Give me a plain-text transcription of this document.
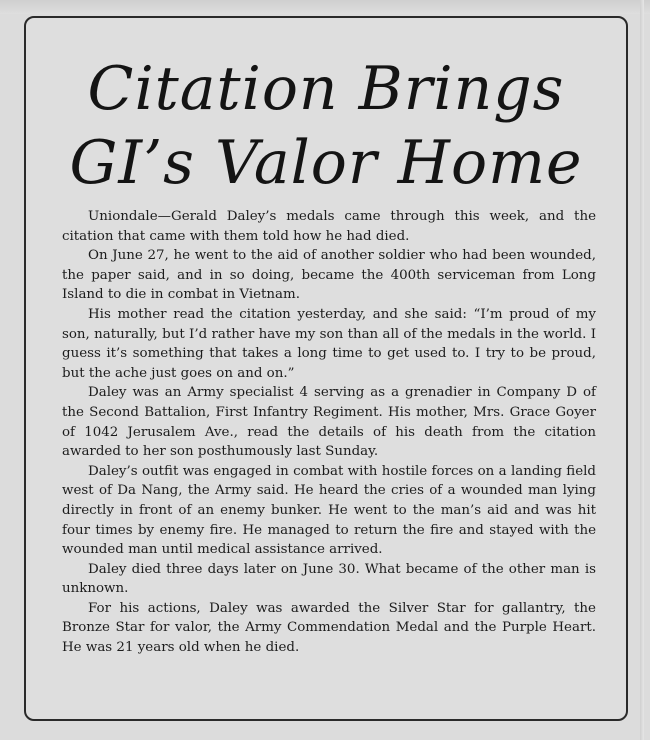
Citation Brings
GI’s Valor Home

Uniondale—Gerald Daley’s medals came through this week, and the citation that came with them told how he had died.

On June 27, he went to the aid of another soldier who had been wounded, the paper said, and in so doing, became the 400th serviceman from Long Island to die in combat in Vietnam.

His mother read the citation yesterday, and she said: “I’m proud of my son, naturally, but I’d rather have my son than all of the medals in the world. I guess it’s something that takes a long time to get used to. I try to be proud, but the ache just goes on and on.”

Daley was an Army specialist 4 serving as a grenadier in Company D of the Second Battalion, First Infantry Regiment. His mother, Mrs. Grace Goyer of 1042 Jerusalem Ave., read the details of his death from the citation awarded to her son posthumously last Sunday.

Daley’s outfit was engaged in combat with hostile forces on a landing field west of Da Nang, the Army said. He heard the cries of a wounded man lying directly in front of an enemy bunker. He went to the man’s aid and was hit four times by enemy fire. He managed to return the fire and stayed with the wounded man until medical assistance arrived.

Daley died three days later on June 30. What became of the other man is unknown.

For his actions, Daley was awarded the Silver Star for gallantry, the Bronze Star for valor, the Army Commendation Medal and the Purple Heart. He was 21 years old when he died.
